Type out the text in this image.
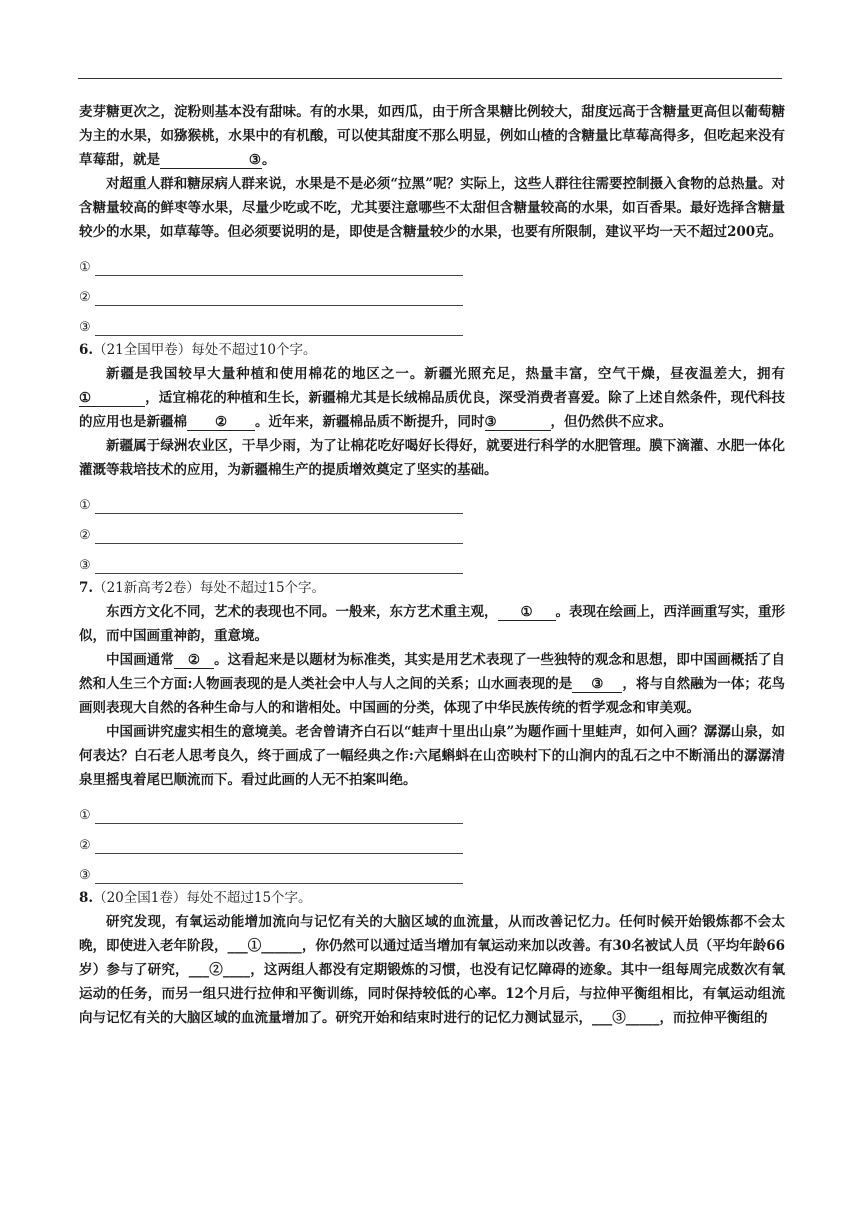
麦芽糖更次之，淀粉则基本没有甜味。有的水果，如西瓜，由于所含果糖比例较大，甜度远高于含糖量更高但以葡萄糖为主的水果，如猕猴桃，水果中的有机酸，可以使其甜度不那么明显，例如山楂的含糖量比草莓高得多，但吃起来没有草莓甜，就是	③。

对超重人群和糖尿病人群来说，水果是不是必须“拉黑”呢？实际上，这些人群往往需要控制摄入食物的总热量。对含糖量较高的鲜枣等水果，尽量少吃或不吃，尤其要注意哪些不太甜但含糖量较高的水果，如百香果。最好选择含糖量较少的水果，如草莓等。但必须要说明的是，即使是含糖量较少的水果，也要有所限制，建议平均一天不超过200克。

①
②
③

6.（21全国甲卷）每处不超过10个字。

新疆是我国较早大量种植和使用棉花的地区之一。新疆光照充足，热量丰富，空气干燥，昼夜温差大，拥有①	，适宜棉花的种植和生长，新疆棉尤其是长绒棉品质优良，深受消费者喜爱。除了上述自然条件，现代科技的应用也是新疆棉 ② 。近年来，新疆棉品质不断提升，同时③	，但仍然供不应求。

新疆属于绿洲农业区，干旱少雨，为了让棉花吃好喝好长得好，就要进行科学的水肥管理。膜下滴灌、水肥一体化灌溉等栽培技术的应用，为新疆棉生产的提质增效奠定了坚实的基础。

①
②
③

7.（21新高考2卷）每处不超过15个字。

东西方文化不同，艺术的表现也不同。一般来，东方艺术重主观， ① 。表现在绘画上，西洋画重写实，重形似，而中国画重神韵，重意境。

中国画通常 ② 。这看起来是以题材为标准类，其实是用艺术表现了一些独特的观念和思想，即中国画概括了自然和人生三个方面:人物画表现的是人类社会中人与人之间的关系；山水画表现的是 ③ ，将与自然融为一体；花鸟画则表现大自然的各种生命与人的和谐相处。中国画的分类，体现了中华民族传统的哲学观念和审美观。

中国画讲究虚实相生的意境美。老舍曾请齐白石以“蛙声十里出山泉”为题作画十里蛙声，如何入画？潺潺山泉，如何表达？白石老人思考良久，终于画成了一幅经典之作:六尾蝌蚪在山峦映村下的山涧内的乱石之中不断涌出的潺潺清泉里摇曳着尾巴顺流而下。看过此画的人无不拍案叫绝。

①
②
③

8.（20全国1卷）每处不超过15个字。

研究发现，有氧运动能增加流向与记忆有关的大脑区域的血流量，从而改善记忆力。任何时候开始锻炼都不会太晚，即使进入老年阶段，___①______，你仍然可以通过适当增加有氧运动来加以改善。有30名被试人员（平均年龄66岁）参与了研究，___②____，这两组人都没有定期锻炼的习惯，也没有记忆障碍的迹象。其中一组每周完成数次有氧运动的任务，而另一组只进行拉伸和平衡训练，同时保持较低的心率。12个月后，与拉伸平衡组相比，有氧运动组流向与记忆有关的大脑区域的血流量增加了。研究开始和结束时进行的记忆力测试显示，___③_____，而拉伸平衡组的
